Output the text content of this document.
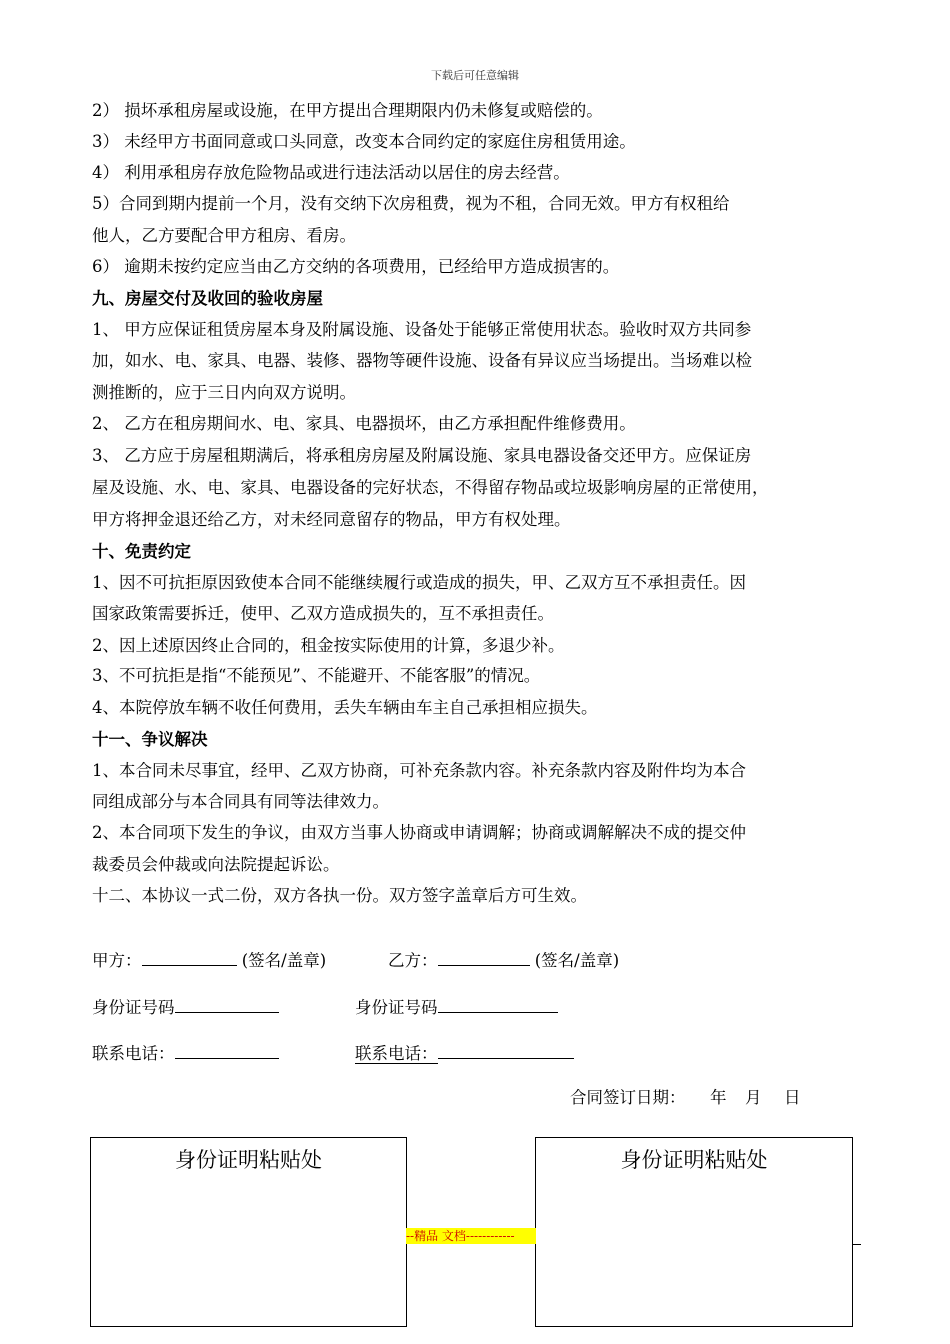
下载后可任意编辑
2） 损坏承租房屋或设施，在甲方提出合理期限内仍未修复或赔偿的。
3） 未经甲方书面同意或口头同意，改变本合同约定的家庭住房租赁用途。
4） 利用承租房存放危险物品或进行违法活动以居住的房去经营。
5）合同到期内提前一个月，没有交纳下次房租费，视为不租，合同无效。甲方有权租给
他人，乙方要配合甲方租房、看房。
6） 逾期未按约定应当由乙方交纳的各项费用，已经给甲方造成损害的。
九、房屋交付及收回的验收房屋
1、 甲方应保证租赁房屋本身及附属设施、设备处于能够正常使用状态。验收时双方共同参
加，如水、电、家具、电器、装修、器物等硬件设施、设备有异议应当场提出。当场难以检
测推断的，应于三日内向双方说明。
2、 乙方在租房期间水、电、家具、电器损坏，由乙方承担配件维修费用。
3、 乙方应于房屋租期满后，将承租房房屋及附属设施、家具电器设备交还甲方。应保证房
屋及设施、水、电、家具、电器设备的完好状态，不得留存物品或垃圾影响房屋的正常使用，
甲方将押金退还给乙方，对未经同意留存的物品，甲方有权处理。
十、免责约定
1、因不可抗拒原因致使本合同不能继续履行或造成的损失，甲、乙双方互不承担责任。因
国家政策需要拆迁，使甲、乙双方造成损失的，互不承担责任。
2、因上述原因终止合同的，租金按实际使用的计算，多退少补。
3、不可抗拒是指“不能预见”、不能避开、不能客服”的情况。
4、本院停放车辆不收任何费用，丢失车辆由车主自己承担相应损失。
十一、争议解决
1、本合同未尽事宜，经甲、乙双方协商，可补充条款内容。补充条款内容及附件均为本合
同组成部分与本合同具有同等法律效力。
2、本合同项下发生的争议，由双方当事人协商或申请调解；协商或调解解决不成的提交仲
裁委员会仲裁或向法院提起诉讼。
十二、本协议一式二份，双方各执一份。双方签字盖章后方可生效。
甲方：	(签名/盖章)	乙方：	(签名/盖章)
身份证号码	身份证号码
联系电话：	联系电话：
合同签订日期： 年 月 日
身份证明粘贴处	身份证明粘贴处
--精品 文档------------
